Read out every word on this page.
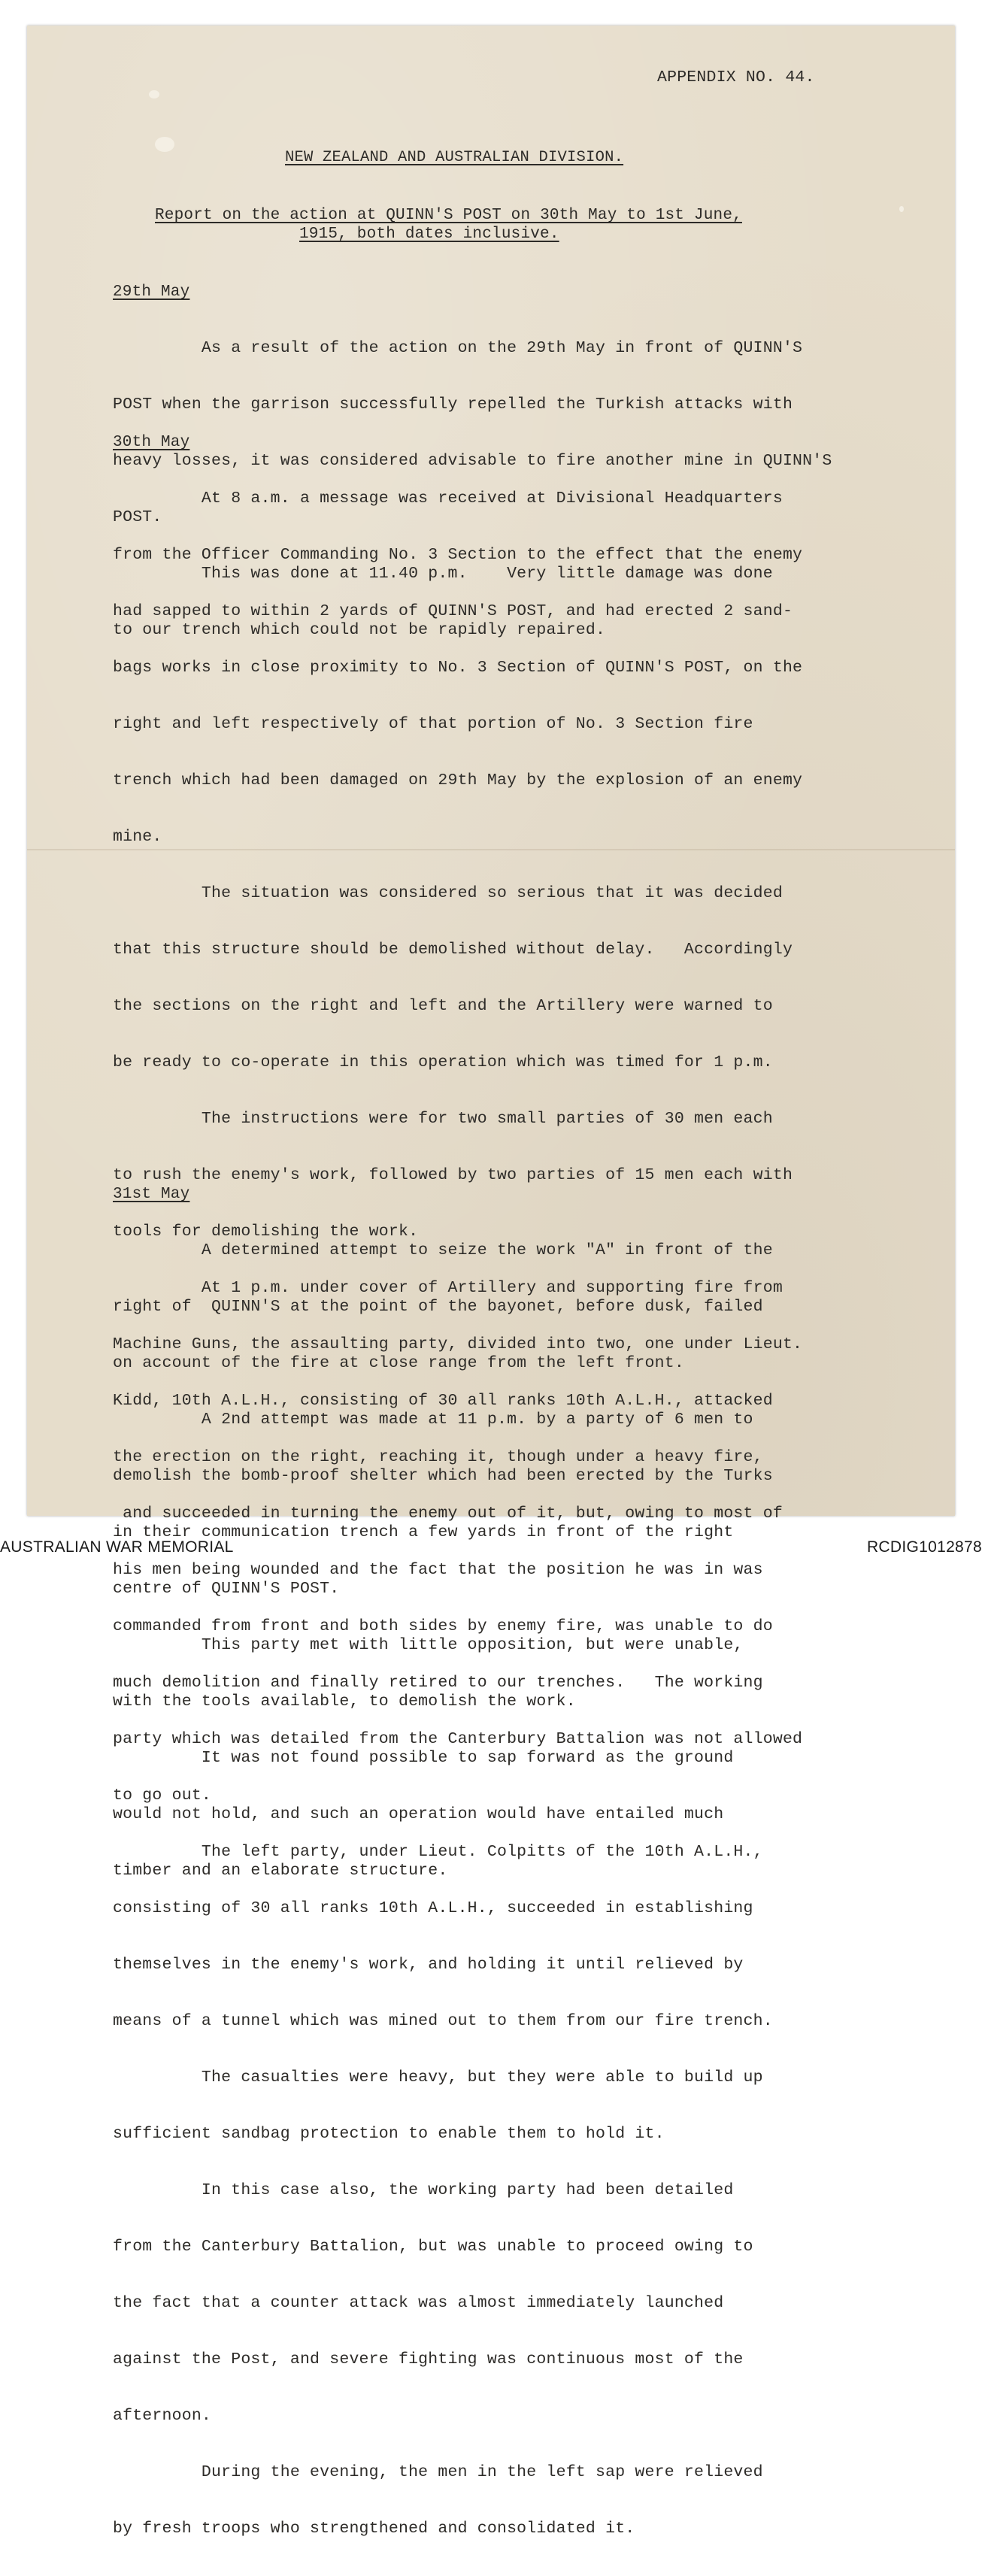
APPENDIX NO. 44.
NEW ZEALAND AND AUSTRALIAN DIVISION.
Report on the action at QUINN'S POST on 30th May to 1st June,
1915, both dates inclusive.
29th May

As a result of the action on the 29th May in front of QUINN'S

POST when the garrison successfully repelled the Turkish attacks with

heavy losses, it was considered advisable to fire another mine in QUINN'S

POST.

This was done at 11.40 p.m.    Very little damage was done

to our trench which could not be rapidly repaired.

30th May

At 8 a.m. a message was received at Divisional Headquarters

from the Officer Commanding No. 3 Section to the effect that the enemy

had sapped to within 2 yards of QUINN'S POST, and had erected 2 sand-

bags works in close proximity to No. 3 Section of QUINN'S POST, on the

right and left respectively of that portion of No. 3 Section fire

trench which had been damaged on 29th May by the explosion of an enemy

mine.

The situation was considered so serious that it was decided

that this structure should be demolished without delay.   Accordingly

the sections on the right and left and the Artillery were warned to

be ready to co-operate in this operation which was timed for 1 p.m.

The instructions were for two small parties of 30 men each

to rush the enemy's work, followed by two parties of 15 men each with

tools for demolishing the work.

At 1 p.m. under cover of Artillery and supporting fire from

Machine Guns, the assaulting party, divided into two, one under Lieut.

Kidd, 10th A.L.H., consisting of 30 all ranks 10th A.L.H., attacked

the erection on the right, reaching it, though under a heavy fire,

and succeeded in turning the enemy out of it, but, owing to most of

his men being wounded and the fact that the position he was in was

commanded from front and both sides by enemy fire, was unable to do

much demolition and finally retired to our trenches.   The working

party which was detailed from the Canterbury Battalion was not allowed

to go out.

The left party, under Lieut. Colpitts of the 10th A.L.H.,

consisting of 30 all ranks 10th A.L.H., succeeded in establishing

themselves in the enemy's work, and holding it until relieved by

means of a tunnel which was mined out to them from our fire trench.

The casualties were heavy, but they were able to build up

sufficient sandbag protection to enable them to hold it.

In this case also, the working party had been detailed

from the Canterbury Battalion, but was unable to proceed owing to

the fact that a counter attack was almost immediately launched

against the Post, and severe fighting was continuous most of the

afternoon.

During the evening, the men in the left sap were relieved

by fresh troops who strengthened and consolidated it.

31st May

A determined attempt to seize the work "A" in front of the

right of  QUINN'S at the point of the bayonet, before dusk, failed

on account of the fire at close range from the left front.

A 2nd attempt was made at 11 p.m. by a party of 6 men to

demolish the bomb-proof shelter which had been erected by the Turks

in their communication trench a few yards in front of the right

centre of QUINN'S POST.

This party met with little opposition, but were unable,

with the tools available, to demolish the work.

It was not found possible to sap forward as the ground

would not hold, and such an operation would have entailed much

timber and an elaborate structure.

AUSTRALIAN WAR MEMORIAL	RCDIG1012878
